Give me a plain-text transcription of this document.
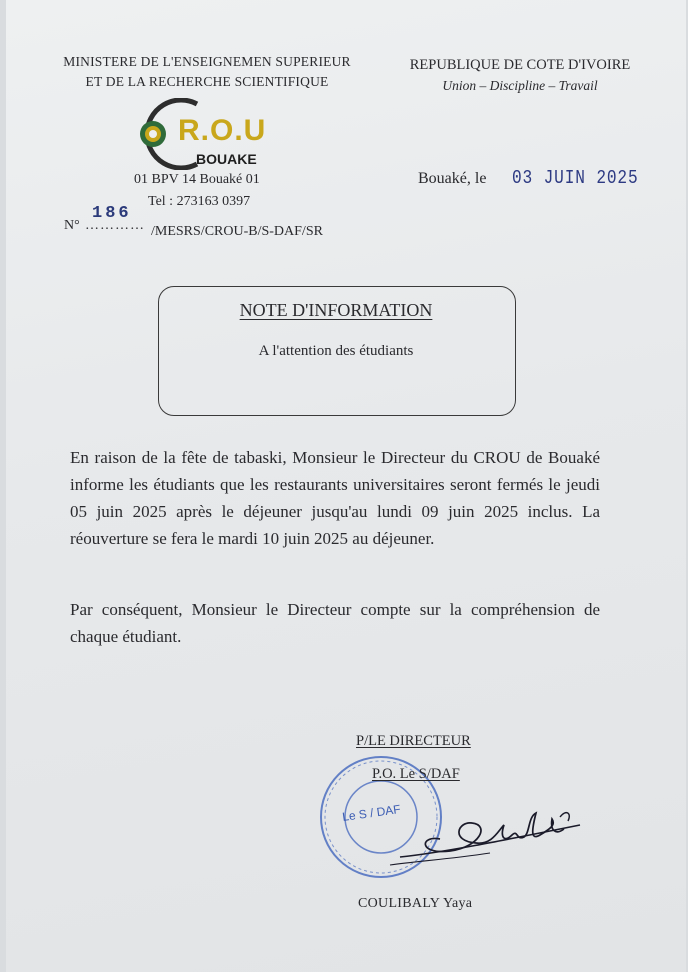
MINISTERE DE L'ENSEIGNEMEN SUPERIEUR
ET DE LA RECHERCHE SCIENTIFIQUE
REPUBLIQUE DE COTE D'IVOIRE
Union – Discipline – Travail
R.O.U
BOUAKE
01 BPV 14 Bouaké 01
Tel : 273163 0397
N° …………
186
/MESRS/CROU-B/S-DAF/SR
Bouaké, le 03 JUIN 2025
NOTE D'INFORMATION
A l'attention des étudiants
En raison de la fête de tabaski, Monsieur le Directeur du CROU de Bouaké informe les étudiants que les restaurants universitaires seront fermés le jeudi 05 juin 2025 après le déjeuner jusqu'au lundi 09 juin 2025 inclus. La réouverture se fera le mardi 10 juin 2025 au déjeuner.
Par conséquent, Monsieur le Directeur compte sur la compréhension de chaque étudiant.
P/LE DIRECTEUR
Le S / DAF
P.O. Le S/DAF
COULIBALY Yaya
